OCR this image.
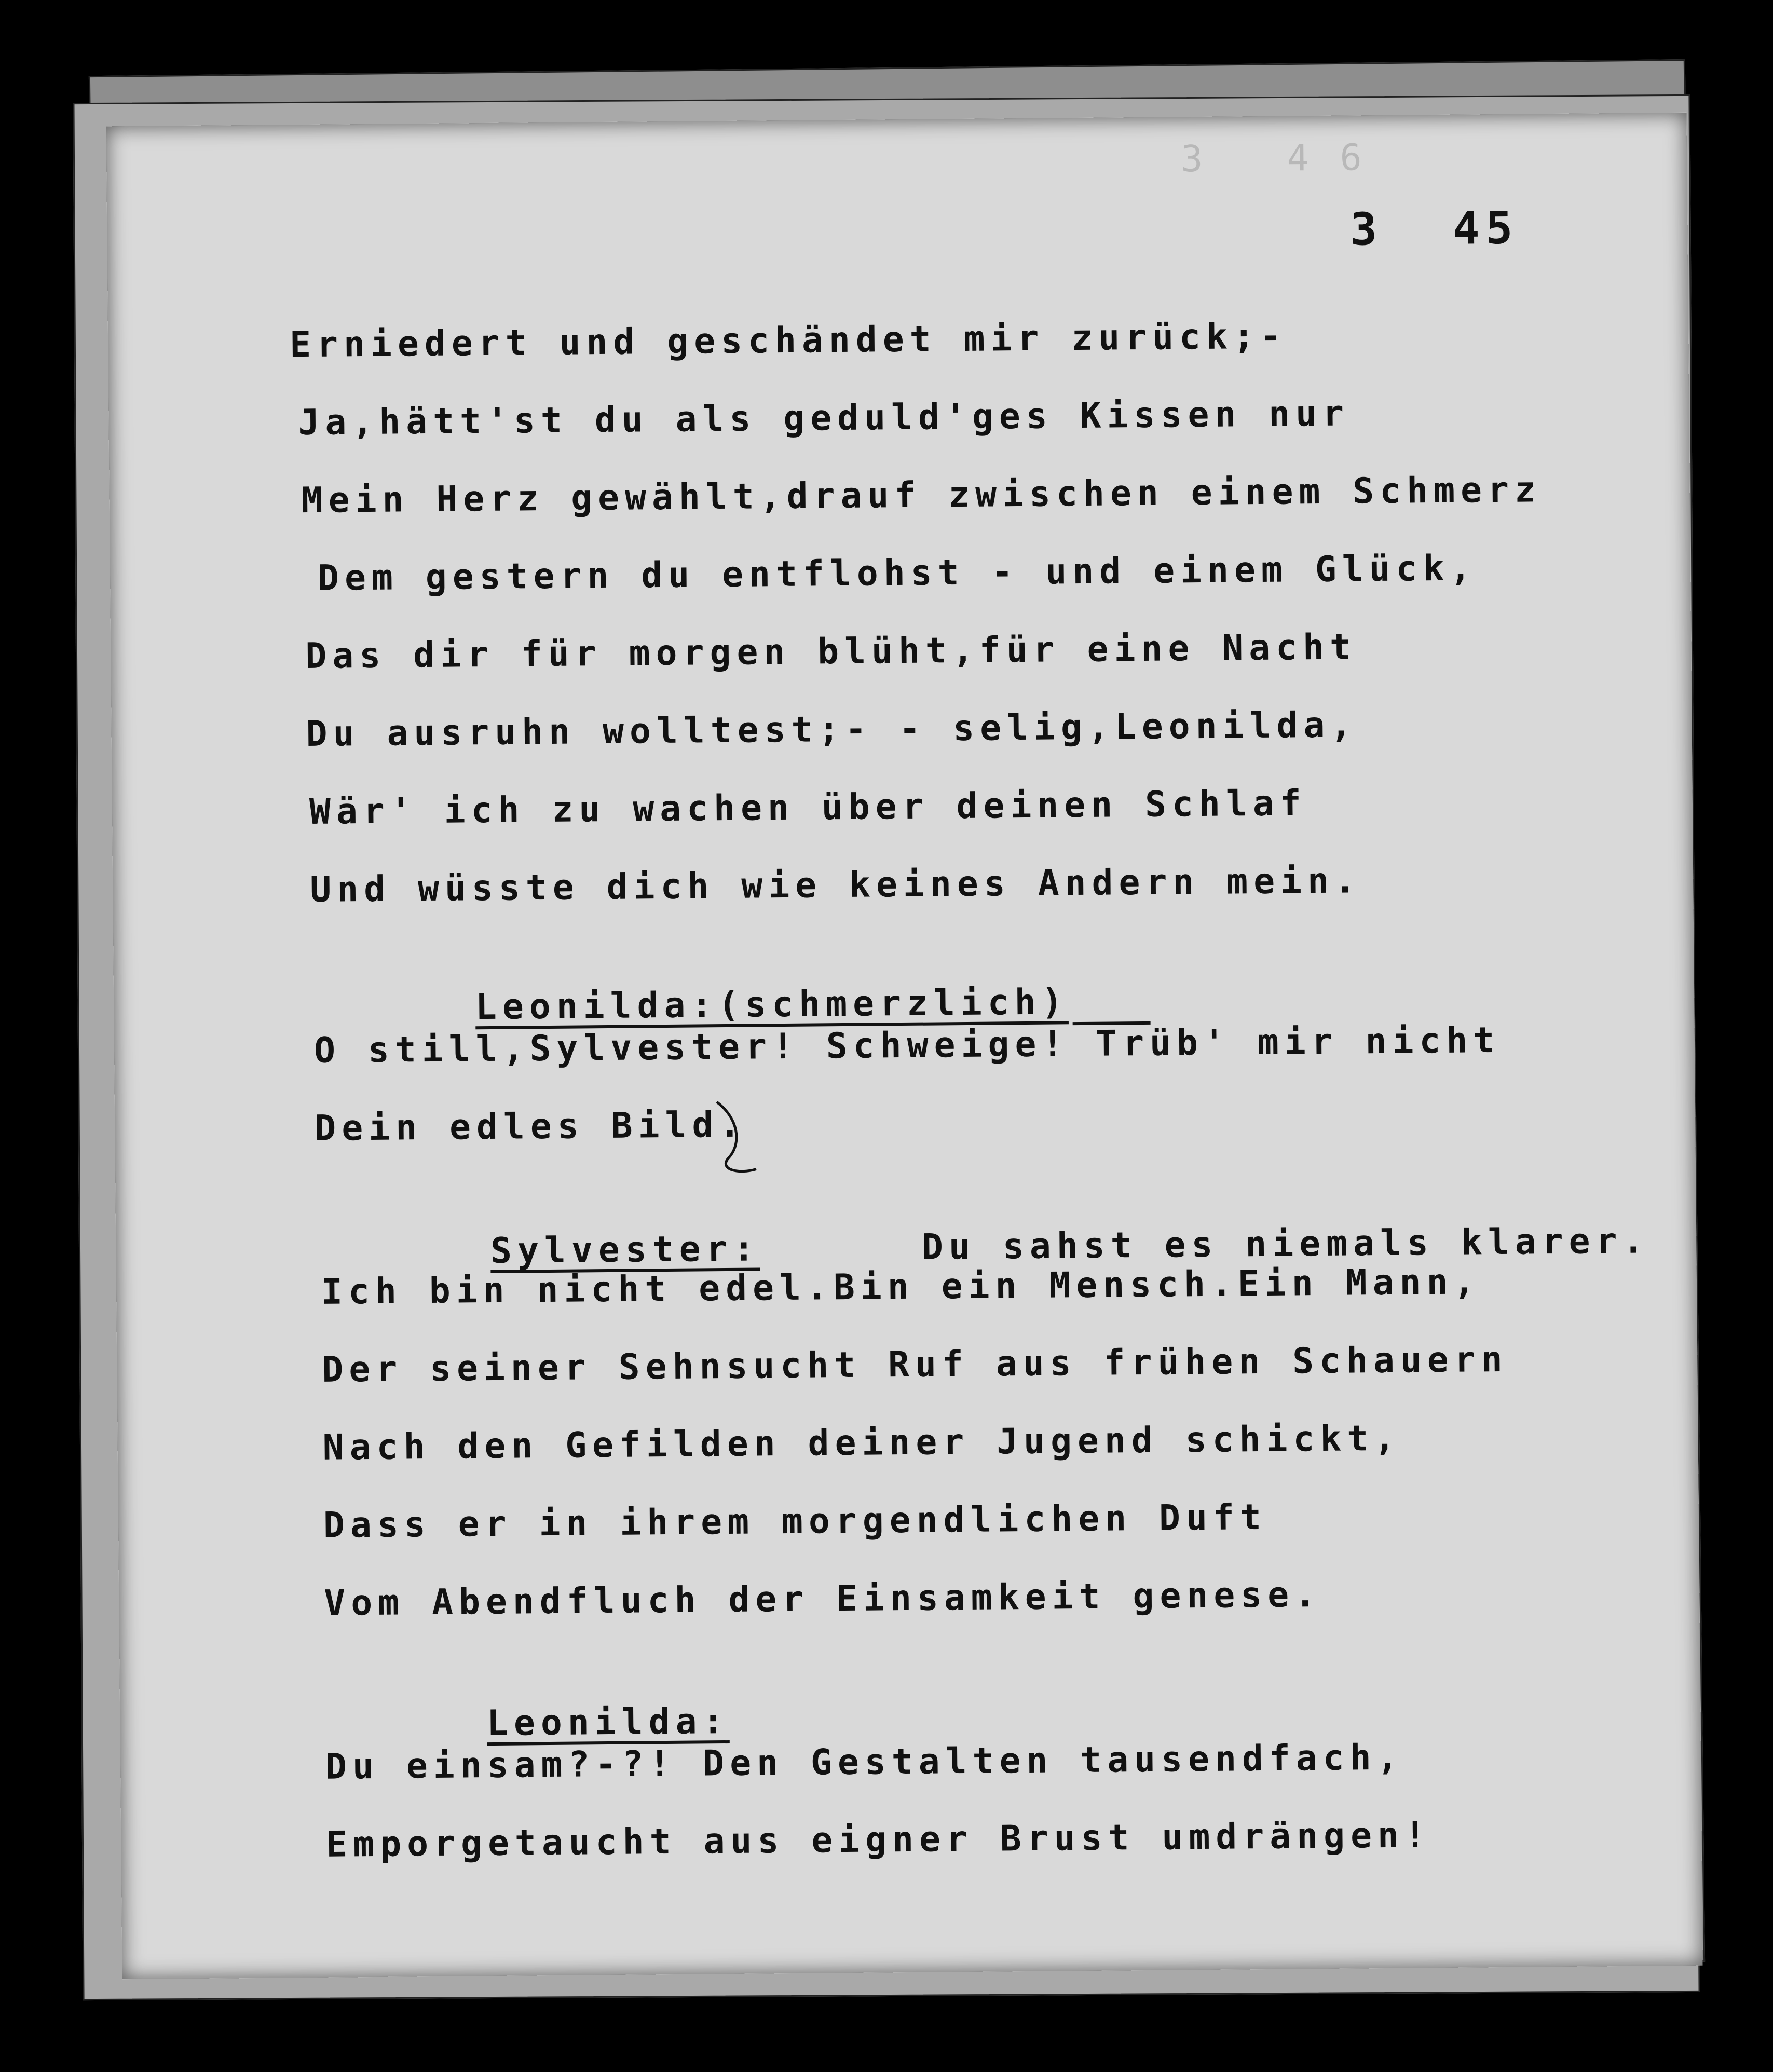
3 46
3 45
Erniedert und geschändet mir zurück;-
Ja,hätt'st du als geduld'ges Kissen nur
Mein Herz gewählt,drauf zwischen einem Schmerz
Dem gestern du entflohst - und einem Glück,
Das dir für morgen blüht,für eine Nacht
Du ausruhn wolltest;- - selig,Leonilda,
Wär' ich zu wachen über deinen Schlaf
Und wüsste dich wie keines Andern mein.

Leonilda:(schmerzlich)

O still,Sylvester! Schweige! Trüb' mir nicht
Dein edles Bild.

Sylvester:	Du sahst es niemals klarer.

Ich bin nicht edel.Bin ein Mensch.Ein Mann,
Der seiner Sehnsucht Ruf aus frühen Schauern
Nach den Gefilden deiner Jugend schickt,
Dass er in ihrem morgendlichen Duft
Vom Abendfluch der Einsamkeit genese.

Leonilda:

Du einsam?-?! Den Gestalten tausendfach,
Emporgetaucht aus eigner Brust umdrängen!
